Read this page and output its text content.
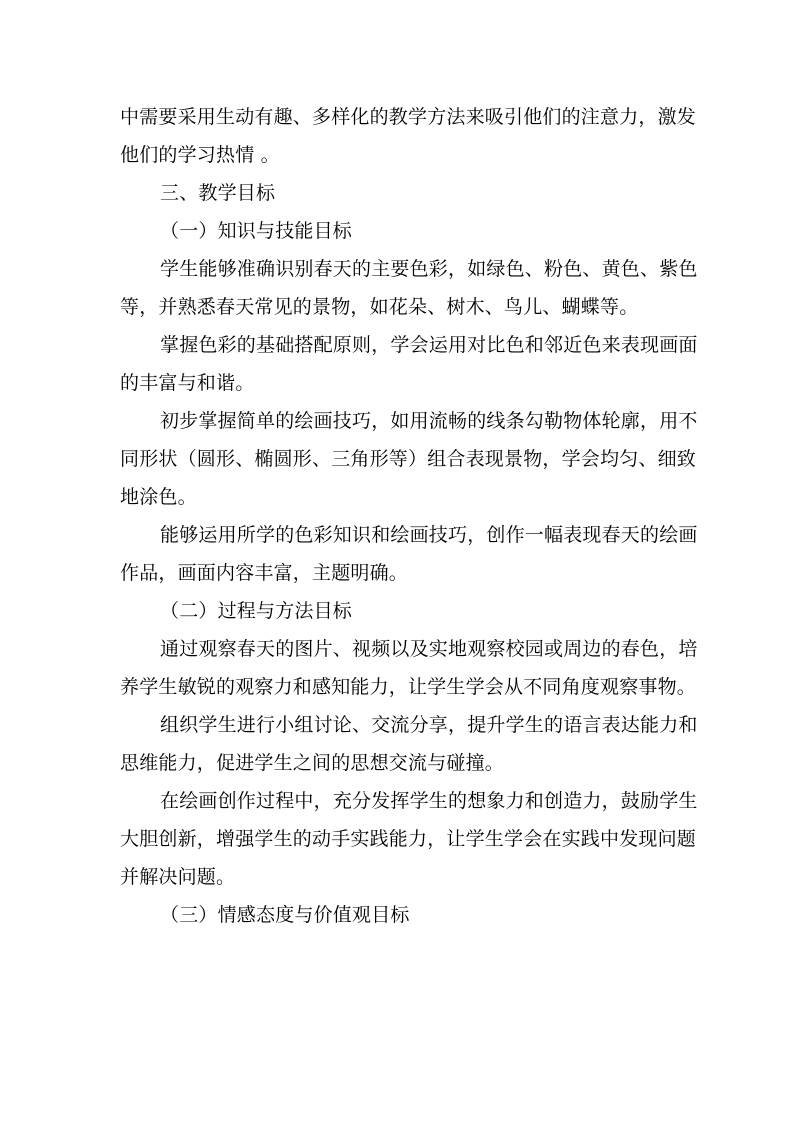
中需要采用生动有趣、多样化的教学方法来吸引他们的注意力，激发
他们的学习热情 。
三、教学目标
（一）知识与技能目标
学生能够准确识别春天的主要色彩，如绿色、粉色、黄色、紫色
等，并熟悉春天常见的景物，如花朵、树木、鸟儿、蝴蝶等。
掌握色彩的基础搭配原则，学会运用对比色和邻近色来表现画面
的丰富与和谐。
初步掌握简单的绘画技巧，如用流畅的线条勾勒物体轮廓，用不
同形状（圆形、椭圆形、三角形等）组合表现景物，学会均匀、细致
地涂色。
能够运用所学的色彩知识和绘画技巧，创作一幅表现春天的绘画
作品，画面内容丰富，主题明确。
（二）过程与方法目标
通过观察春天的图片、视频以及实地观察校园或周边的春色，培
养学生敏锐的观察力和感知能力，让学生学会从不同角度观察事物。
组织学生进行小组讨论、交流分享，提升学生的语言表达能力和
思维能力，促进学生之间的思想交流与碰撞。
在绘画创作过程中，充分发挥学生的想象力和创造力，鼓励学生
大胆创新，增强学生的动手实践能力，让学生学会在实践中发现问题
并解决问题。
（三）情感态度与价值观目标
